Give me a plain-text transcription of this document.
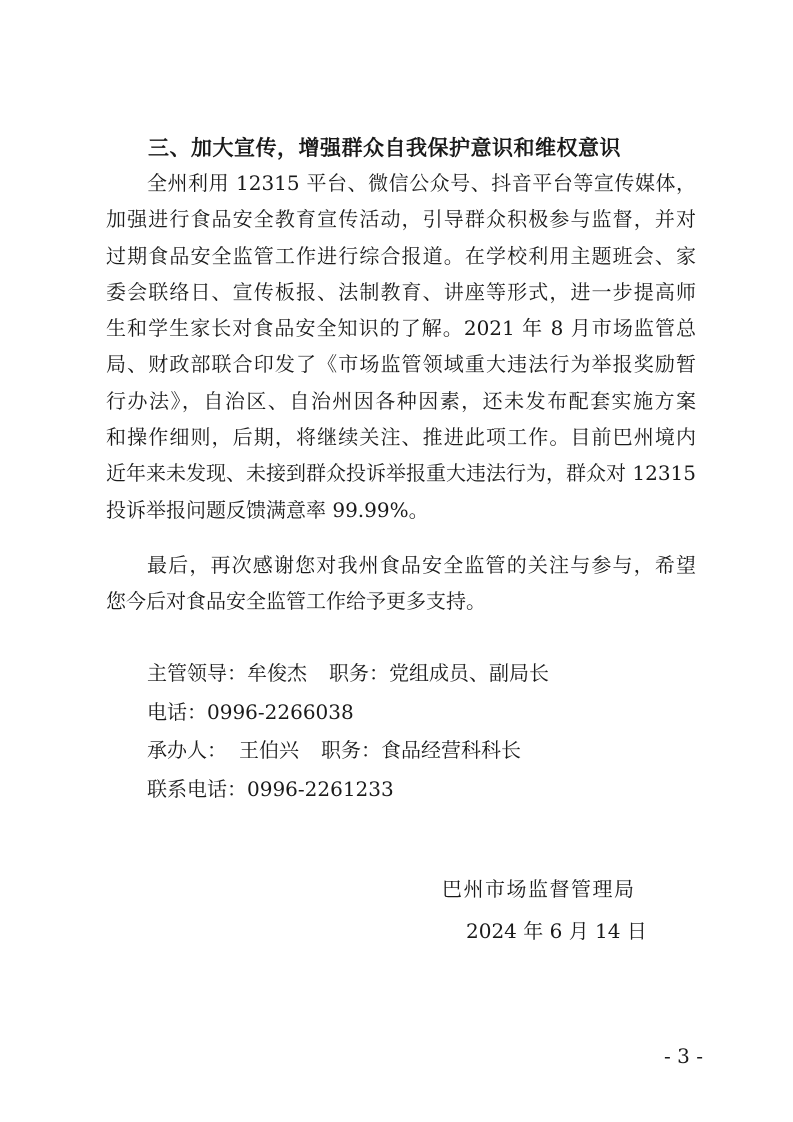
三、加大宣传，增强群众自我保护意识和维权意识
全州利用 12315 平台、微信公众号、抖音平台等宣传媒体，
加强进行食品安全教育宣传活动，引导群众积极参与监督，并对
过期食品安全监管工作进行综合报道。在学校利用主题班会、家
委会联络日、宣传板报、法制教育、讲座等形式，进一步提高师
生和学生家长对食品安全知识的了解。2021 年 8 月市场监管总
局、财政部联合印发了《市场监管领域重大违法行为举报奖励暂
行办法》，自治区、自治州因各种因素，还未发布配套实施方案
和操作细则，后期，将继续关注、推进此项工作。目前巴州境内
近年来未发现、未接到群众投诉举报重大违法行为，群众对 12315
投诉举报问题反馈满意率 99.99%。
最后，再次感谢您对我州食品安全监管的关注与参与，希望
您今后对食品安全监管工作给予更多支持。
主管领导：牟俊杰 职务：党组成员、副局长
电话：0996-2266038
承办人： 王伯兴 职务：食品经营科科长
联系电话：0996-2261233
巴州市场监督管理局
2024 年 6 月 14 日
- 3 -
